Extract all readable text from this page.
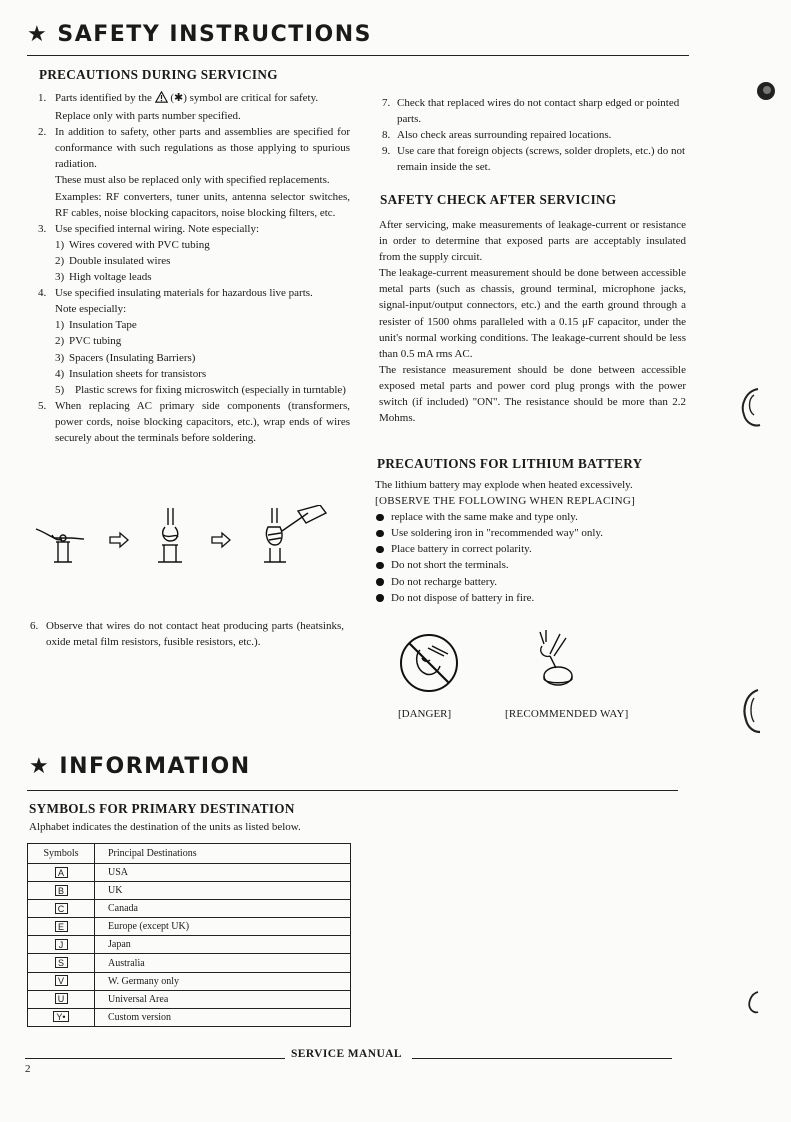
★ SAFETY INSTRUCTIONS
PRECAUTIONS DURING SERVICING
1. Parts identified by the  (✱) symbol are critical for safety.
Replace only with parts number specified.
2. In addition to safety, other parts and assemblies are specified for conformance with such regulations as those applying to spurious radiation.
These must also be replaced only with specified replacements.
Examples: RF converters, tuner units, antenna selector switches, RF cables, noise blocking capacitors, noise blocking filters, etc.
3. Use specified internal wiring. Note especially:
1) Wires covered with PVC tubing
2) Double insulated wires
3) High voltage leads
4. Use specified insulating materials for hazardous live parts.
Note especially:
1) Insulation Tape
2) PVC tubing
3) Spacers (Insulating Barriers)
4) Insulation sheets for transistors
5) Plastic screws for fixing microswitch (especially in turntable)
5. When replacing AC primary side components (transformers, power cords, noise blocking capacitors, etc.), wrap ends of wires securely about the terminals before soldering.
6. Observe that wires do not contact heat producing parts (heatsinks, oxide metal film resistors, fusible resistors, etc.).
7. Check that replaced wires do not contact sharp edged or pointed parts.
8. Also check areas surrounding repaired locations.
9. Use care that foreign objects (screws, solder droplets, etc.) do not remain inside the set.
SAFETY CHECK AFTER SERVICING

After servicing, make measurements of leakage-current or resistance in order to determine that exposed parts are acceptably insulated from the supply circuit.

The leakage-current measurement should be done between accessible metal parts (such as chassis, ground terminal, microphone jacks, signal-input/output connectors, etc.) and the earth ground through a resister of 1500 ohms paralleled with a 0.15 μF capacitor, under the unit's normal working conditions. The leakage-current should be less than 0.5 mA rms AC.

The resistance measurement should be done between accessible exposed metal parts and power cord plug prongs with the power switch (if included) "ON". The resistance should be more than 2.2 Mohms.

PRECAUTIONS FOR LITHIUM BATTERY

The lithium battery may explode when heated excessively.

[OBSERVE THE FOLLOWING WHEN REPLACING]

replace with the same make and type only.
Use soldering iron in "recommended way" only.
Place battery in correct polarity.
Do not short the terminals.
Do not recharge battery.
Do not dispose of battery in fire.
[DANGER]	[RECOMMENDED WAY]
★ INFORMATION
SYMBOLS FOR PRIMARY DESTINATION
Alphabet indicates the destination of the units as listed below.
Symbols	Principal Destinations
A	USA
B	UK
C	Canada
E	Europe (except UK)
J	Japan
S	Australia
V	W. Germany only
U	Universal Area
Y•	Custom version
SERVICE MANUAL
2
